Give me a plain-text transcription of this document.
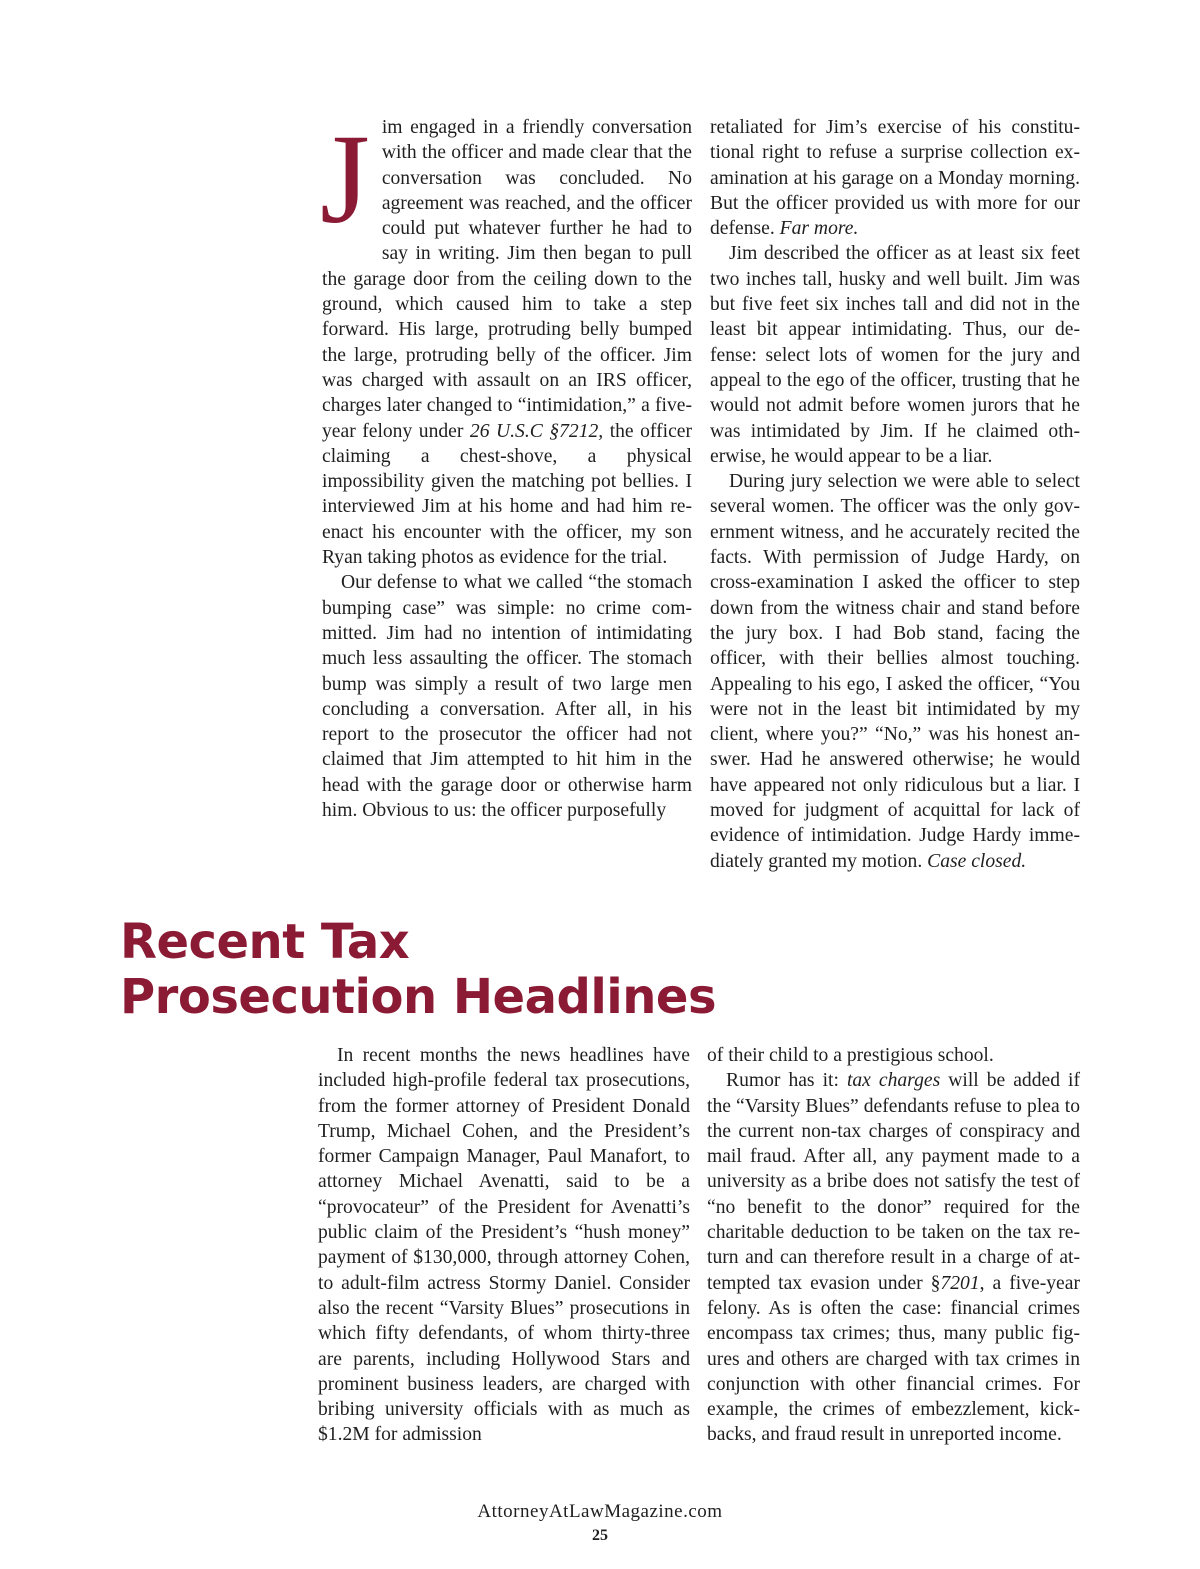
Jim engaged in a friendly conversation with the officer and made clear that the conversation was concluded. No agreement was reached, and the officer could put whatever further he had to say in writing. Jim then began to pull the garage door from the ceiling down to the ground, which caused him to take a step forward. His large, protruding belly bumped the large, protruding belly of the officer. Jim was charged with assault on an IRS officer, charges later changed to “intimidation,” a five-year felony under 26 U.S.C §7212, the officer claiming a chest-shove, a physical impossibility given the matching pot bellies. I interviewed Jim at his home and had him re-enact his encounter with the officer, my son Ryan taking photos as evidence for the trial.

Our defense to what we called “the stomach bumping case” was simple: no crime committed. Jim had no intention of intimidating much less assaulting the officer. The stomach bump was simply a result of two large men concluding a conversation. After all, in his report to the prosecutor the officer had not claimed that Jim attempted to hit him in the head with the garage door or otherwise harm him. Obvious to us: the officer purposefully

retaliated for Jim’s exercise of his constitutional right to refuse a surprise collection examination at his garage on a Monday morning. But the officer provided us with more for our defense. Far more.

Jim described the officer as at least six feet two inches tall, husky and well built. Jim was but five feet six inches tall and did not in the least bit appear intimidating. Thus, our defense: select lots of women for the jury and appeal to the ego of the officer, trusting that he would not admit before women jurors that he was intimidated by Jim. If he claimed otherwise, he would appear to be a liar.

During jury selection we were able to select several women. The officer was the only government witness, and he accurately recited the facts. With permission of Judge Hardy, on cross-examination I asked the officer to step down from the witness chair and stand before the jury box. I had Bob stand, facing the officer, with their bellies almost touching. Appealing to his ego, I asked the officer, “You were not in the least bit intimidated by my client, where you?” “No,” was his honest answer. Had he answered otherwise; he would have appeared not only ridiculous but a liar. I moved for judgment of acquittal for lack of evidence of intimidation. Judge Hardy immediately granted my motion. Case closed.

Recent Tax
Prosecution Headlines

In recent months the news headlines have included high-profile federal tax prosecutions, from the former attorney of President Donald Trump, Michael Cohen, and the President’s former Campaign Manager, Paul Manafort, to attorney Michael Avenatti, said to be a “provocateur” of the President for Avenatti’s public claim of the President’s “hush money” payment of $130,000, through attorney Cohen, to adult-film actress Stormy Daniel. Consider also the recent “Varsity Blues” prosecutions in which fifty defendants, of whom thirty-three are parents, including Hollywood Stars and prominent business leaders, are charged with bribing university officials with as much as $1.2M for admission

of their child to a prestigious school.

Rumor has it: tax charges will be added if the “Varsity Blues” defendants refuse to plea to the current non-tax charges of conspiracy and mail fraud. After all, any payment made to a university as a bribe does not satisfy the test of “no benefit to the donor” required for the charitable deduction to be taken on the tax return and can therefore result in a charge of attempted tax evasion under §7201, a five-year felony. As is often the case: financial crimes encompass tax crimes; thus, many public figures and others are charged with tax crimes in conjunction with other financial crimes. For example, the crimes of embezzlement, kickbacks, and fraud result in unreported income.

AttorneyAtLawMagazine.com
25
